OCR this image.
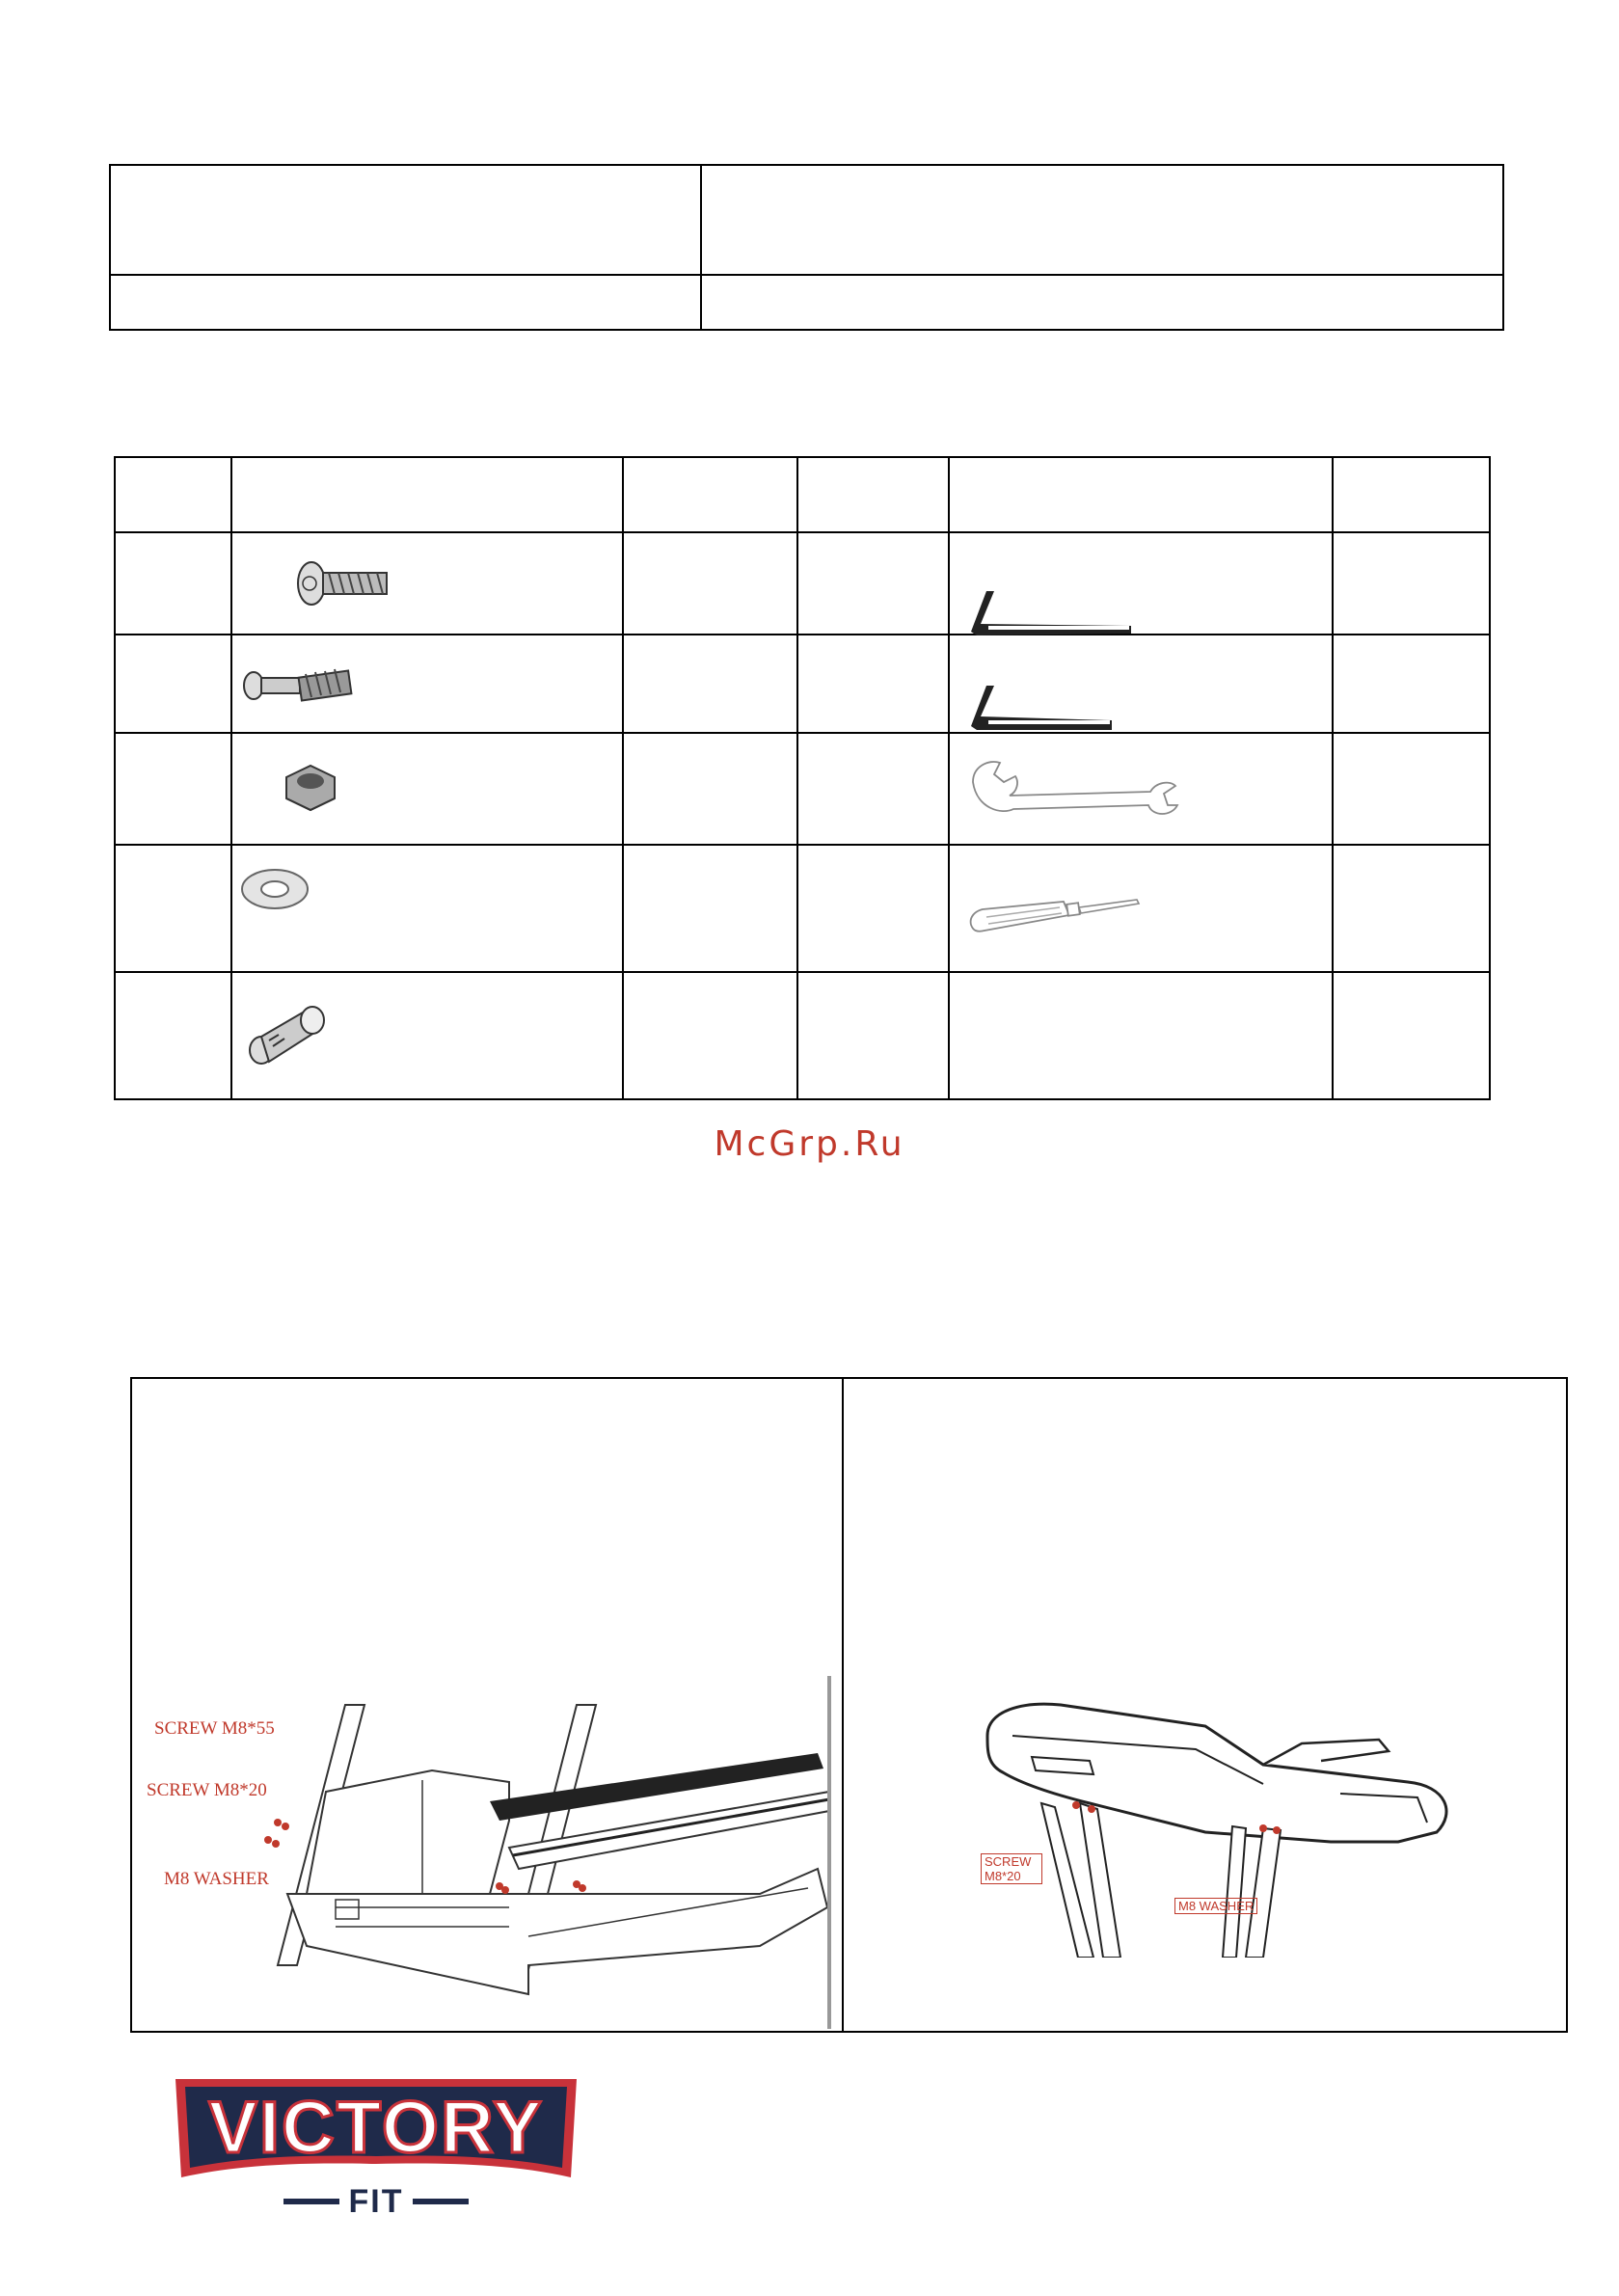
McGrp.Ru
SCREW M8*55
SCREW M8*20
M8 WASHER
SCREW
M8*20
M8 WASHER
VICTORY
FIT
